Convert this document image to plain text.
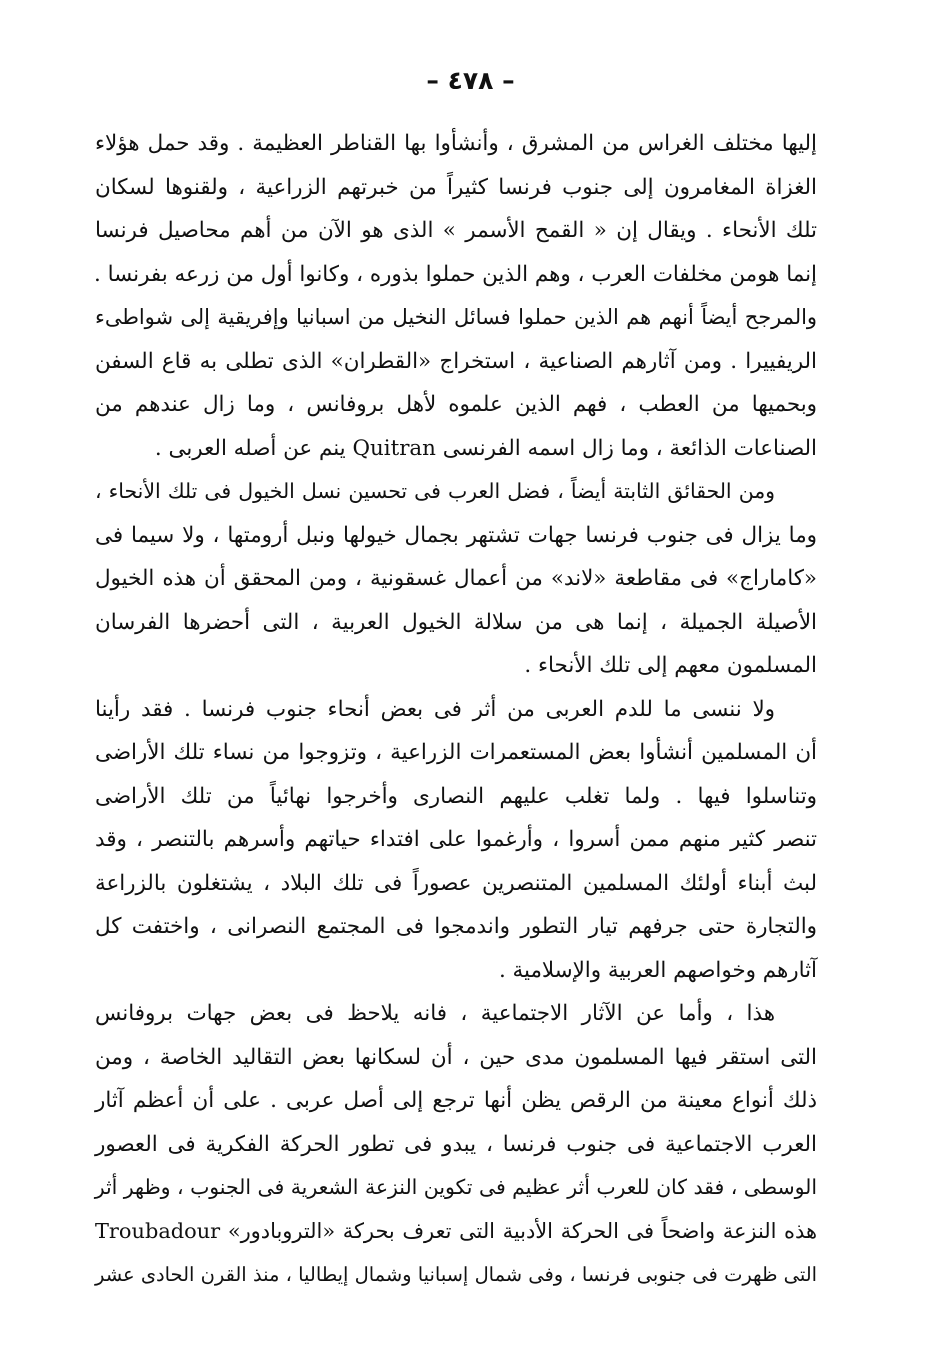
– ٤٧٨ –
إليها مختلف الغراس من المشرق ، وأنشأوا بها القناطر العظيمة . وقد حمل هؤلاء
الغزاة المغامرون إلى جنوب فرنسا كثيراً من خبرتهم الزراعية ، ولقنوها لسكان
تلك الأنحاء . ويقال إن « القمح الأسمر » الذى هو الآن من أهم محاصيل فرنسا
إنما هومن مخلفات العرب ، وهم الذين حملوا بذوره ، وكانوا أول من زرعه بفرنسا .
والمرجح أيضاً أنهم هم الذين حملوا فسائل النخيل من اسبانيا وإفريقية إلى شواطىء
الريفييرا . ومن آثارهم الصناعية ، استخراج «القطران» الذى تطلى به قاع السفن
وبحميها من العطب ، فهم الذين علموه لأهل بروفانس ، وما زال عندهم من
الصناعات الذائعة ، وما زال اسمه الفرنسى Quitran ينم عن أصله العربى .
ومن الحقائق الثابتة أيضاً ، فضل العرب فى تحسين نسل الخيول فى تلك الأنحاء ،
وما يزال فى جنوب فرنسا جهات تشتهر بجمال خيولها ونبل أرومتها ، ولا سيما فى
«كاماراج» فى مقاطعة «لاند» من أعمال غسقونية ، ومن المحقق أن هذه الخيول
الأصيلة الجميلة ، إنما هى من سلالة الخيول العربية ، التى أحضرها الفرسان
المسلمون معهم إلى تلك الأنحاء .
ولا ننسى ما للدم العربى من أثر فى بعض أنحاء جنوب فرنسا . فقد رأينا
أن المسلمين أنشأوا بعض المستعمرات الزراعية ، وتزوجوا من نساء تلك الأراضى
وتناسلوا فيها . ولما تغلب عليهم النصارى وأخرجوا نهائياً من تلك الأراضى
تنصر كثير منهم ممن أسروا ، وأرغموا على افتداء حياتهم وأسرهم بالتنصر ، وقد
لبث أبناء أولئك المسلمين المتنصرين عصوراً فى تلك البلاد ، يشتغلون بالزراعة
والتجارة حتى جرفهم تيار التطور واندمجوا فى المجتمع النصرانى ، واختفت كل
آثارهم وخواصهم العربية والإسلامية .
هذا ، وأما عن الآثار الاجتماعية ، فانه يلاحظ فى بعض جهات بروفانس
التى استقر فيها المسلمون مدى حين ، أن لسكانها بعض التقاليد الخاصة ، ومن
ذلك أنواع معينة من الرقص يظن أنها ترجع إلى أصل عربى . على أن أعظم آثار
العرب الاجتماعية فى جنوب فرنسا ، يبدو فى تطور الحركة الفكرية فى العصور
الوسطى ، فقد كان للعرب أثر عظيم فى تكوين النزعة الشعرية فى الجنوب ، وظهر أثر
هذه النزعة واضحاً فى الحركة الأدبية التى تعرف بحركة «التروبادور» Troubadour
التى ظهرت فى جنوبى فرنسا ، وفى شمال إسبانيا وشمال إيطاليا ، منذ القرن الحادى عشر
